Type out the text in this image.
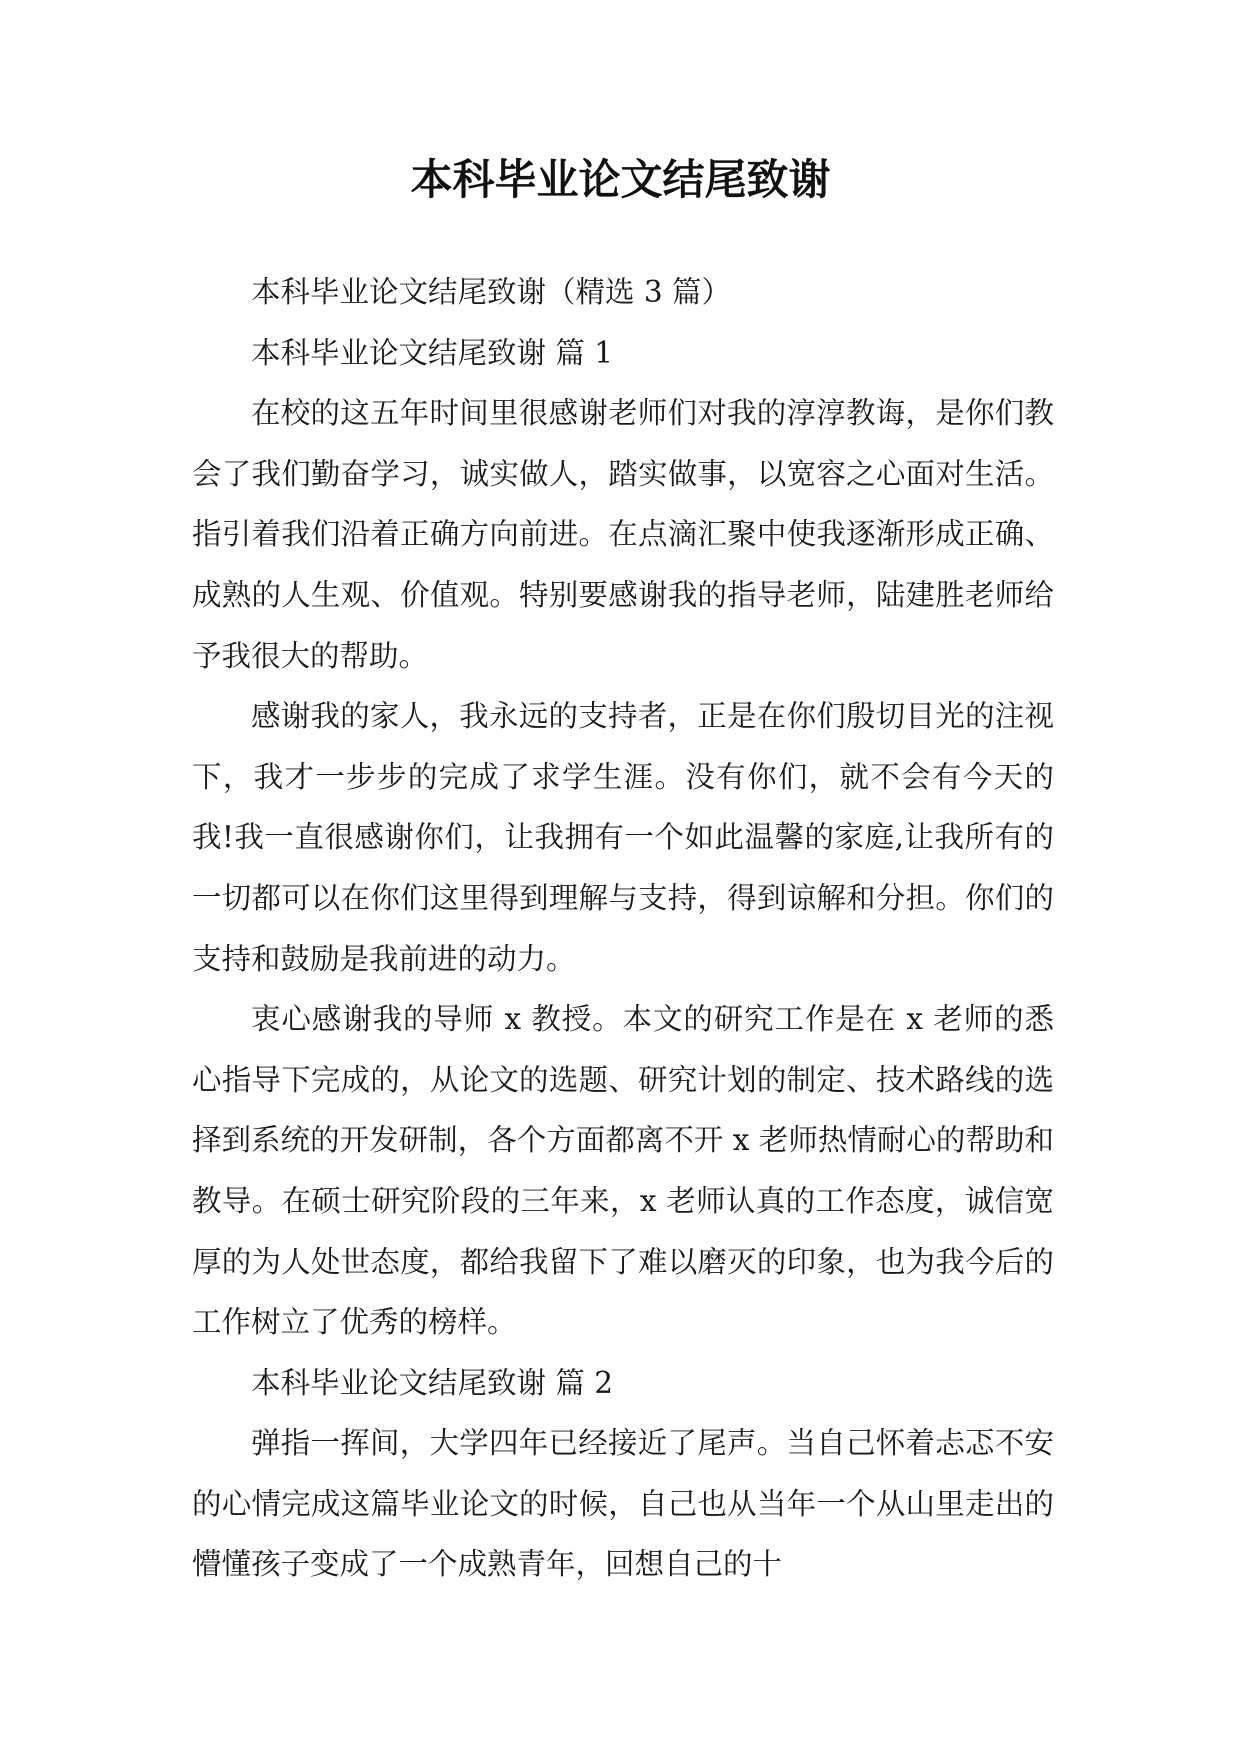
本科毕业论文结尾致谢

本科毕业论文结尾致谢（精选 3 篇）

本科毕业论文结尾致谢 篇 1

在校的这五年时间里很感谢老师们对我的淳淳教诲，是你们教会了我们勤奋学习，诚实做人，踏实做事，以宽容之心面对生活。指引着我们沿着正确方向前进。在点滴汇聚中使我逐渐形成正确、成熟的人生观、价值观。特别要感谢我的指导老师，陆建胜老师给予我很大的帮助。

感谢我的家人，我永远的支持者，正是在你们殷切目光的注视下，我才一步步的完成了求学生涯。没有你们，就不会有今天的我!我一直很感谢你们，让我拥有一个如此温馨的家庭,让我所有的一切都可以在你们这里得到理解与支持，得到谅解和分担。你们的支持和鼓励是我前进的动力。

衷心感谢我的导师 x 教授。本文的研究工作是在 x 老师的悉心指导下完成的，从论文的选题、研究计划的制定、技术路线的选择到系统的开发研制，各个方面都离不开 x 老师热情耐心的帮助和教导。在硕士研究阶段的三年来，x 老师认真的工作态度，诚信宽厚的为人处世态度，都给我留下了难以磨灭的印象，也为我今后的工作树立了优秀的榜样。

本科毕业论文结尾致谢 篇 2

弹指一挥间，大学四年已经接近了尾声。当自己怀着忐忑不安的心情完成这篇毕业论文的时候，自己也从当年一个从山里走出的懵懂孩子变成了一个成熟青年，回想自己的十
